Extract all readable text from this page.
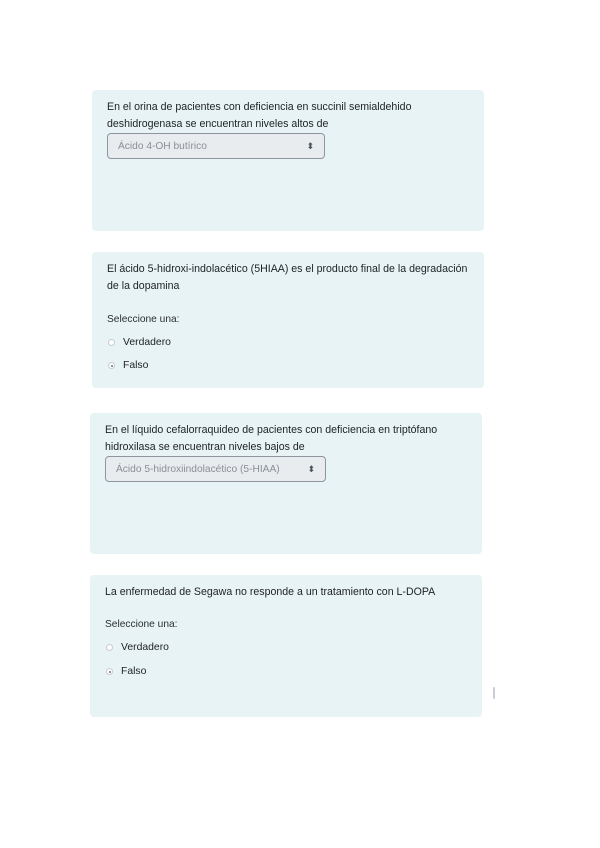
En el orina de pacientes con deficiencia en succinil semialdehido deshidrogenasa se encuentran niveles altos de
Ácido 4-OH butírico	⬍
El ácido 5-hidroxi-indolacético (5HIAA) es el producto final de la degradación de la dopamina
Seleccione una:
Verdadero
Falso
En el líquido cefalorraquideo de pacientes con deficiencia en triptófano hidroxilasa se encuentran niveles bajos de
Ácido 5-hidroxiindolacético (5-HIAA)	⬍
La enfermedad de Segawa no responde a un tratamiento con L-DOPA
Seleccione una:
Verdadero
Falso
